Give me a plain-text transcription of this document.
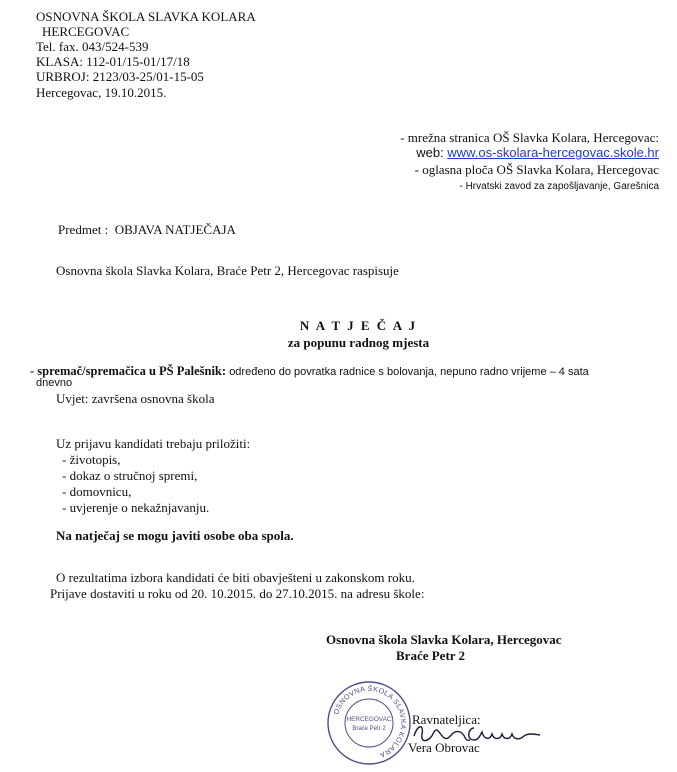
OSNOVNA ŠKOLA SLAVKA KOLARA
HERCEGOVAC
Tel. fax. 043/524-539
KLASA: 112-01/15-01/17/18
URBROJ: 2123/03-25/01-15-05
Hercegovac, 19.10.2015.
- mrežna stranica OŠ Slavka Kolara, Hercegovac:
web: www.os-skolara-hercegovac.skole.hr
- oglasna ploča OŠ Slavka Kolara, Hercegovac
- Hrvatski zavod za zapošljavanje, Garešnica
Predmet : OBJAVA NATJEČAJA
Osnovna škola Slavka Kolara, Braće Petr 2, Hercegovac raspisuje
N A T J E Č A J
za popunu radnog mjesta
- spremač/spremačica u PŠ Palešnik: određeno do povratka radnice s bolovanja, nepuno radno vrijeme – 4 sata
dnevno
Uvjet: završena osnovna škola
Uz prijavu kandidati trebaju priložiti:
- životopis,
- dokaz o stručnoj spremi,
- domovnicu,
- uvjerenje o nekažnjavanju.
Na natječaj se mogu javiti osobe oba spola.
O rezultatima izbora kandidati će biti obavješteni u zakonskom roku.
Prijave dostaviti u roku od 20. 10.2015. do 27.10.2015. na adresu škole:
Osnovna škola Slavka Kolara, Hercegovac
Braće Petr 2
OSNOVNA ŠKOLA SLAVKA KOLARA
HERCEGOVAC
Braće Petr 2
Ravnateljica:
Vera Obrovac
